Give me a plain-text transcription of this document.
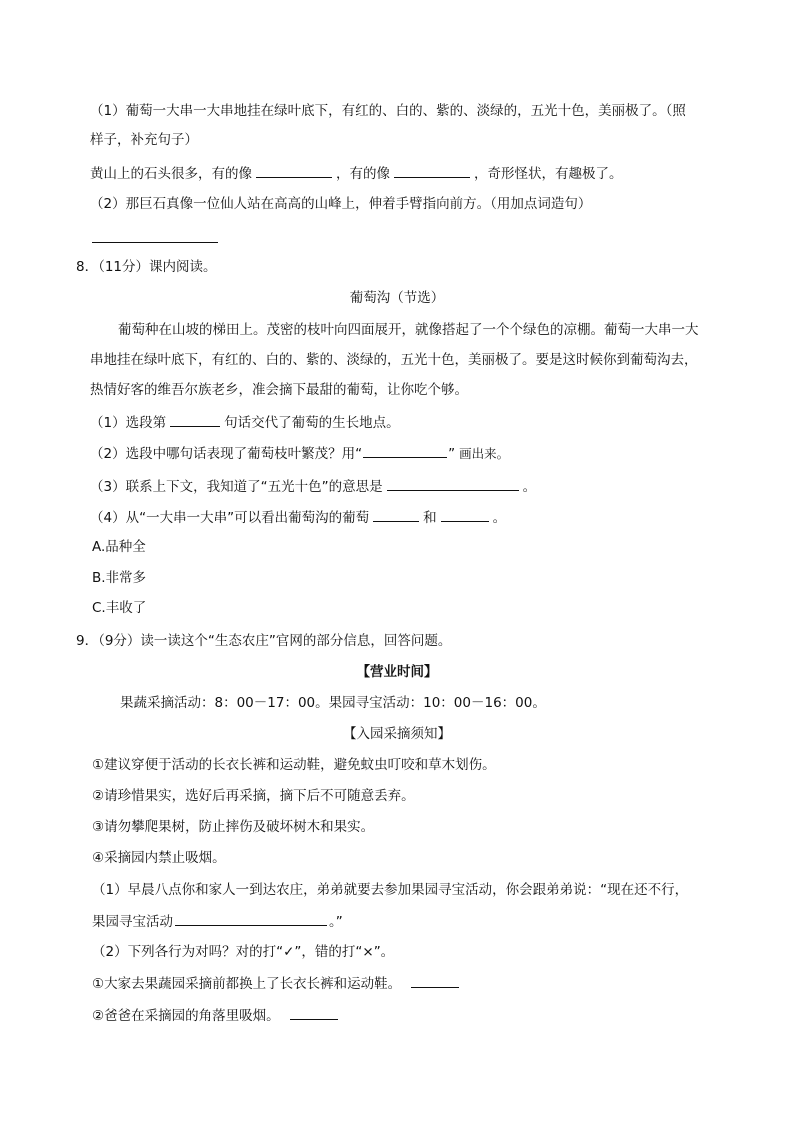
（1）葡萄一大串一大串地挂在绿叶底下，有红的、白的、紫的、淡绿的，五光十色，美丽极了。（照
样子，补充句子）
黄山上的石头很多，有的像	，有的像	，奇形怪状，有趣极了。
（2）那巨石真像一位仙人站在高高的山峰上，伸着手臂指向前方。（用加点词造句）
8．（11分）课内阅读。
葡萄沟（节选）
葡萄种在山坡的梯田上。茂密的枝叶向四面展开，就像搭起了一个个绿色的凉棚。葡萄一大串一大
串地挂在绿叶底下，有红的、白的、紫的、淡绿的，五光十色，美丽极了。要是这时候你到葡萄沟去，
热情好客的维吾尔族老乡，准会摘下最甜的葡萄，让你吃个够。
（1）选段第	句话交代了葡萄的生长地点。
（2）选段中哪句话表现了葡萄枝叶繁茂？用“	” 画出来。
（3）联系上下文，我知道了“五光十色”的意思是	。
（4）从“一大串一大串”可以看出葡萄沟的葡萄	和	。
A.品种全
B.非常多
C.丰收了
9．（9分）读一读这个“生态农庄”官网的部分信息，回答问题。
【营业时间】
果蔬采摘活动：8：00－17：00。果园寻宝活动：10：00－16：00。
【入园采摘须知】
①建议穿便于活动的长衣长裤和运动鞋，避免蚊虫叮咬和草木划伤。
②请珍惜果实，选好后再采摘，摘下后不可随意丢弃。
③请勿攀爬果树，防止摔伤及破坏树木和果实。
④采摘园内禁止吸烟。
（1）早晨八点你和家人一到达农庄，弟弟就要去参加果园寻宝活动，你会跟弟弟说：“现在还不行，
果园寻宝活动	。”
（2）下列各行为对吗？对的打“✓”，错的打“×”。
①大家去果蔬园采摘前都换上了长衣长裤和运动鞋。
②爸爸在采摘园的角落里吸烟。
